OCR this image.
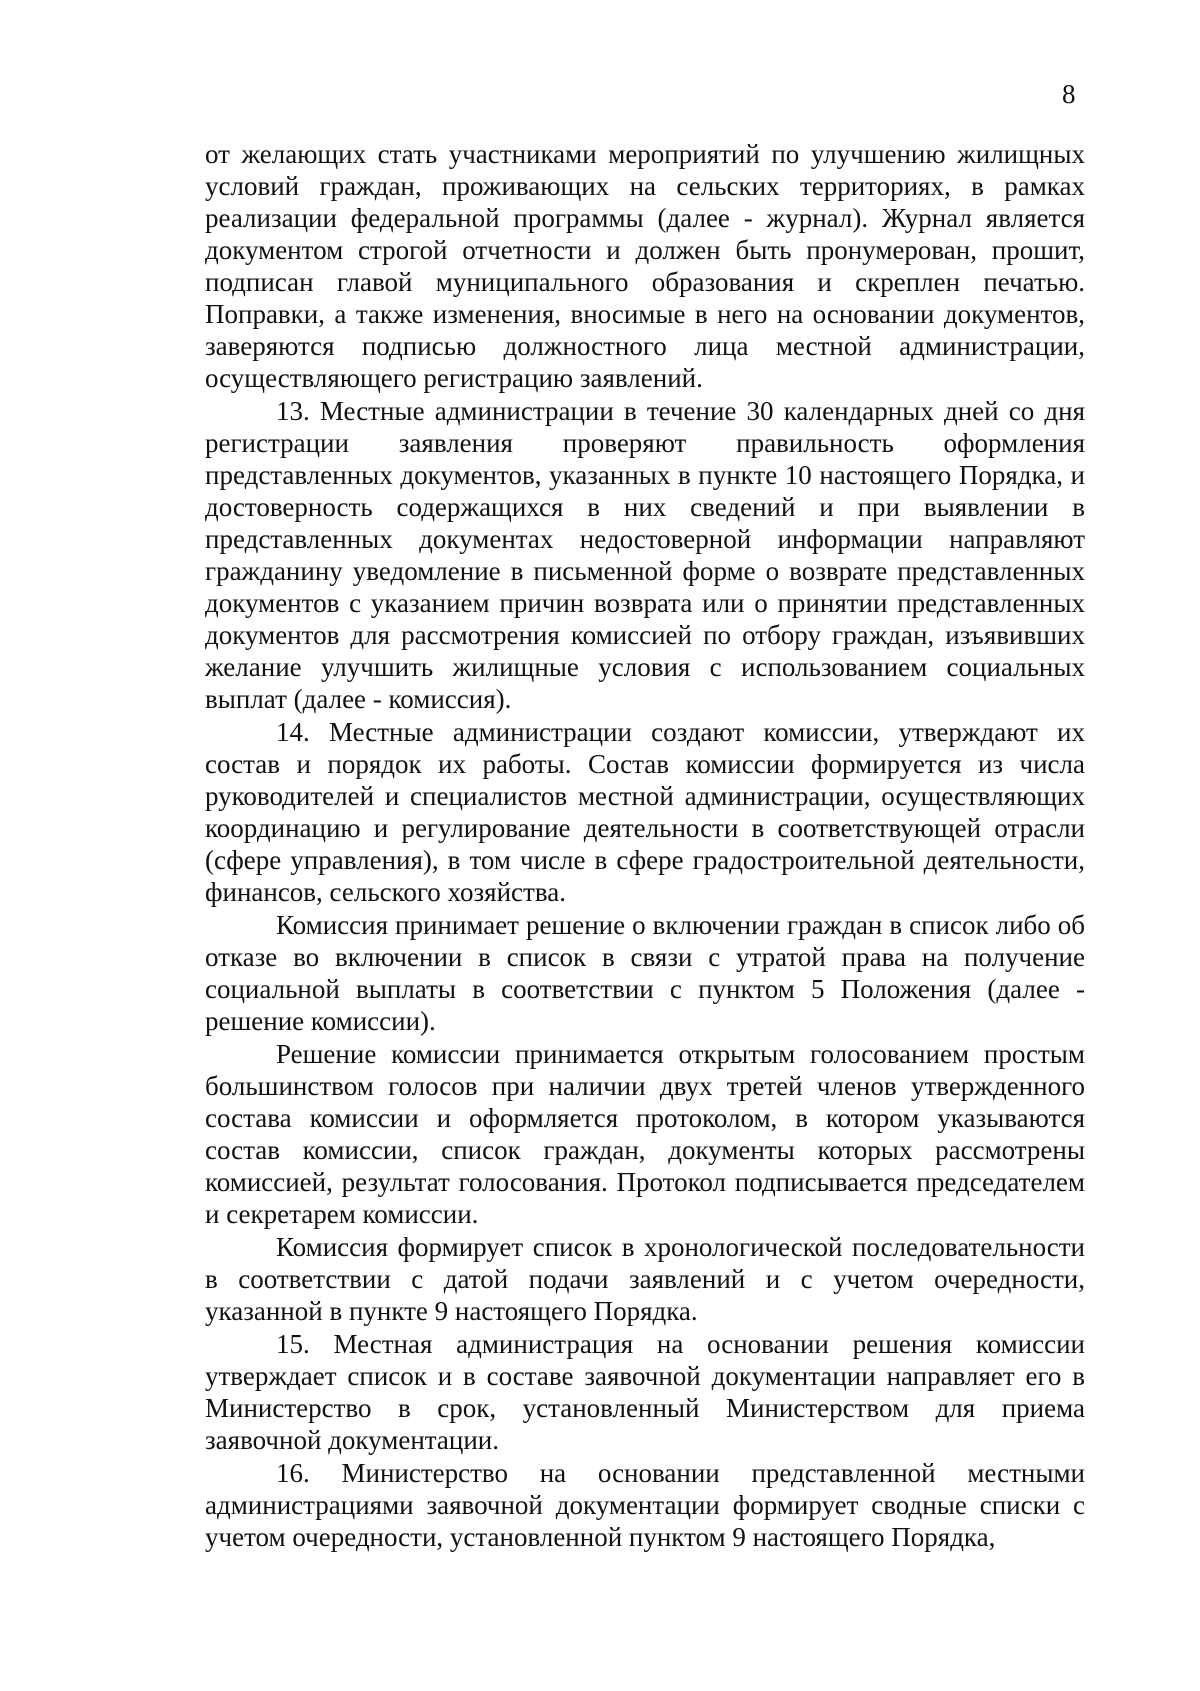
8

от желающих стать участниками мероприятий по улучшению жилищных условий граждан, проживающих на сельских территориях, в рамках реализации федеральной программы (далее - журнал). Журнал является документом строгой отчетности и должен быть пронумерован, прошит, подписан главой муниципального образования и скреплен печатью. Поправки, а также изменения, вносимые в него на основании документов, заверяются подписью должностного лица местной администрации, осуществляющего регистрацию заявлений.

13. Местные администрации в течение 30 календарных дней со дня регистрации заявления проверяют правильность оформления представленных документов, указанных в пункте 10 настоящего Порядка, и достоверность содержащихся в них сведений и при выявлении в представленных документах недостоверной информации направляют гражданину уведомление в письменной форме о возврате представленных документов с указанием причин возврата или о принятии представленных документов для рассмотрения комиссией по отбору граждан, изъявивших желание улучшить жилищные условия с использованием социальных выплат (далее - комиссия).

14. Местные администрации создают комиссии, утверждают их состав и порядок их работы. Состав комиссии формируется из числа руководителей и специалистов местной администрации, осуществляющих координацию и регулирование деятельности в соответствующей отрасли (сфере управления), в том числе в сфере градостроительной деятельности, финансов, сельского хозяйства.

Комиссия принимает решение о включении граждан в список либо об отказе во включении в список в связи с утратой права на получение социальной выплаты в соответствии с пунктом 5 Положения (далее - решение комиссии).

Решение комиссии принимается открытым голосованием простым большинством голосов при наличии двух третей членов утвержденного состава комиссии и оформляется протоколом, в котором указываются состав комиссии, список граждан, документы которых рассмотрены комиссией, результат голосования. Протокол подписывается председателем и секретарем комиссии.

Комиссия формирует список в хронологической последовательности в соответствии с датой подачи заявлений и с учетом очередности, указанной в пункте 9 настоящего Порядка.

15. Местная администрация на основании решения комиссии утверждает список и в составе заявочной документации направляет его в Министерство в срок, установленный Министерством для приема заявочной документации.

16. Министерство на основании представленной местными администрациями заявочной документации формирует сводные списки с учетом очередности, установленной пунктом 9 настоящего Порядка,
